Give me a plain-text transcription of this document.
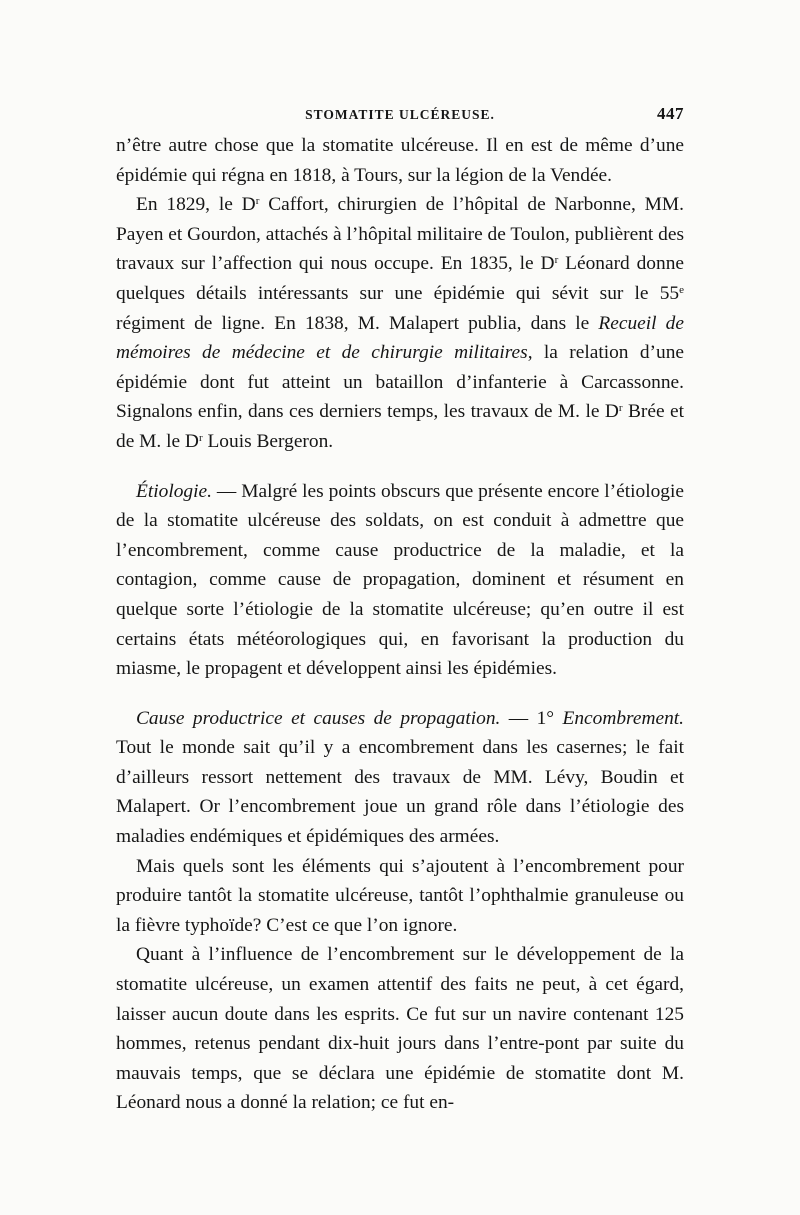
STOMATITE ULCÉREUSE.	447

n’être autre chose que la stomatite ulcéreuse. Il en est de même d’une épidémie qui régna en 1818, à Tours, sur la légion de la Vendée.

En 1829, le $D^r$ Caffort, chirurgien de l’hôpital de Narbonne, MM. Payen et Gourdon, attachés à l’hôpital militaire de Toulon, publièrent des travaux sur l’affection qui nous occupe. En 1835, le $D^r$ Léonard donne quelques détails intéressants sur une épidémie qui sévit sur le 55e régiment de ligne. En 1838, M. Malapert publia, dans le Recueil de mémoires de médecine et de chirurgie militaires, la relation d’une épidémie dont fut atteint un bataillon d’infanterie à Carcassonne. Signalons enfin, dans ces derniers temps, les travaux de M. le $D^r$ Brée et de M. le $D^r$ Louis Bergeron.

Étiologie. — Malgré les points obscurs que présente encore l’étiologie de la stomatite ulcéreuse des soldats, on est conduit à admettre que l’encombrement, comme cause productrice de la maladie, et la contagion, comme cause de propagation, dominent et résument en quelque sorte l’étiologie de la stomatite ulcéreuse; qu’en outre il est certains états météorologiques qui, en favorisant la production du miasme, le propagent et développent ainsi les épidémies.

Cause productrice et causes de propagation. — 1° Encombrement. Tout le monde sait qu’il y a encombrement dans les casernes; le fait d’ailleurs ressort nettement des travaux de MM. Lévy, Boudin et Malapert. Or l’encombrement joue un grand rôle dans l’étiologie des maladies endémiques et épidémiques des armées.

Mais quels sont les éléments qui s’ajoutent à l’encombrement pour produire tantôt la stomatite ulcéreuse, tantôt l’ophthalmie granuleuse ou la fièvre typhoïde? C’est ce que l’on ignore.

Quant à l’influence de l’encombrement sur le développement de la stomatite ulcéreuse, un examen attentif des faits ne peut, à cet égard, laisser aucun doute dans les esprits. Ce fut sur un navire contenant 125 hommes, retenus pendant dix-huit jours dans l’entre-pont par suite du mauvais temps, que se déclara une épidémie de stomatite dont M. Léonard nous a donné la relation; ce fut en-
